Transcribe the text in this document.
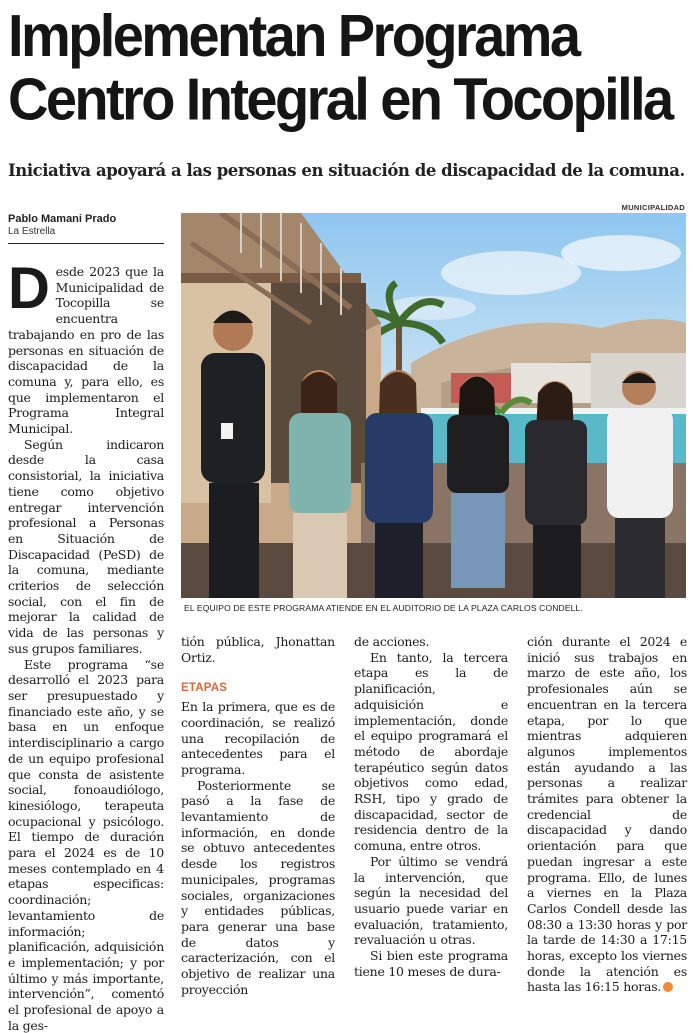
Implementan Programa Centro Integral en Tocopilla
Iniciativa apoyará a las personas en situación de discapacidad de la comuna.
Pablo Mamani Prado
La Estrella
MUNICIPALIDAD
EL EQUIPO DE ESTE PROGRAMA ATIENDE EN EL AUDITORIO DE LA PLAZA CARLOS CONDELL.

Desde 2023 que la Municipalidad de Tocopilla se encuentra trabajando en pro de las personas en situación de discapacidad de la comuna y, para ello, es que implementaron el Programa Integral Municipal.

Según indicaron desde la casa consistorial, la iniciativa tiene como objetivo entregar intervención profesional a Personas en Situación de Discapacidad (PeSD) de la comuna, mediante criterios de selección social, con el fin de mejorar la calidad de vida de las personas y sus grupos familiares.

Este programa “se desarrolló el 2023 para ser presupuestado y financiado este año, y se basa en un enfoque interdisciplinario a cargo de un equipo profesional que consta de asistente social, fonoaudiólogo, kinesiólogo, terapeuta ocupacional y psicólogo. El tiempo de duración para el 2024 es de 10 meses contemplado en 4 etapas especificas: coordinación; levantamiento de información; planificación, adquisición e implementación; y por último y más importante, intervención”, comentó el profesional de apoyo a la ges-

tión pública, Jhonattan Ortiz.

ETAPAS

En la primera, que es de coordinación, se realizó una recopilación de antecedentes para el programa.

Posteriormente se pasó a la fase de levantamiento de información, en donde se obtuvo antecedentes desde los registros municipales, programas sociales, organizaciones y entidades públicas, para generar una base de datos y caracterización, con el objetivo de realizar una proyección

de acciones.

En tanto, la tercera etapa es la de planificación, adquisición e implementación, donde el equipo programará el método de abordaje terapéutico según datos objetivos como edad, RSH, tipo y grado de discapacidad, sector de residencia dentro de la comuna, entre otros.

Por último se vendrá la intervención, que según la necesidad del usuario puede variar en evaluación, tratamiento, revaluación u otras.

Si bien este programa tiene 10 meses de dura-

ción durante el 2024 e inició sus trabajos en marzo de este año, los profesionales aún se encuentran en la tercera etapa, por lo que mientras adquieren algunos implementos están ayudando a las personas a realizar trámites para obtener la credencial de discapacidad y dando orientación para que puedan ingresar a este programa. Ello, de lunes a viernes en la Plaza Carlos Condell desde las 08:30 a 13:30 horas y por la tarde de 14:30 a 17:15 horas, excepto los viernes donde la atención es hasta las 16:15 horas.
